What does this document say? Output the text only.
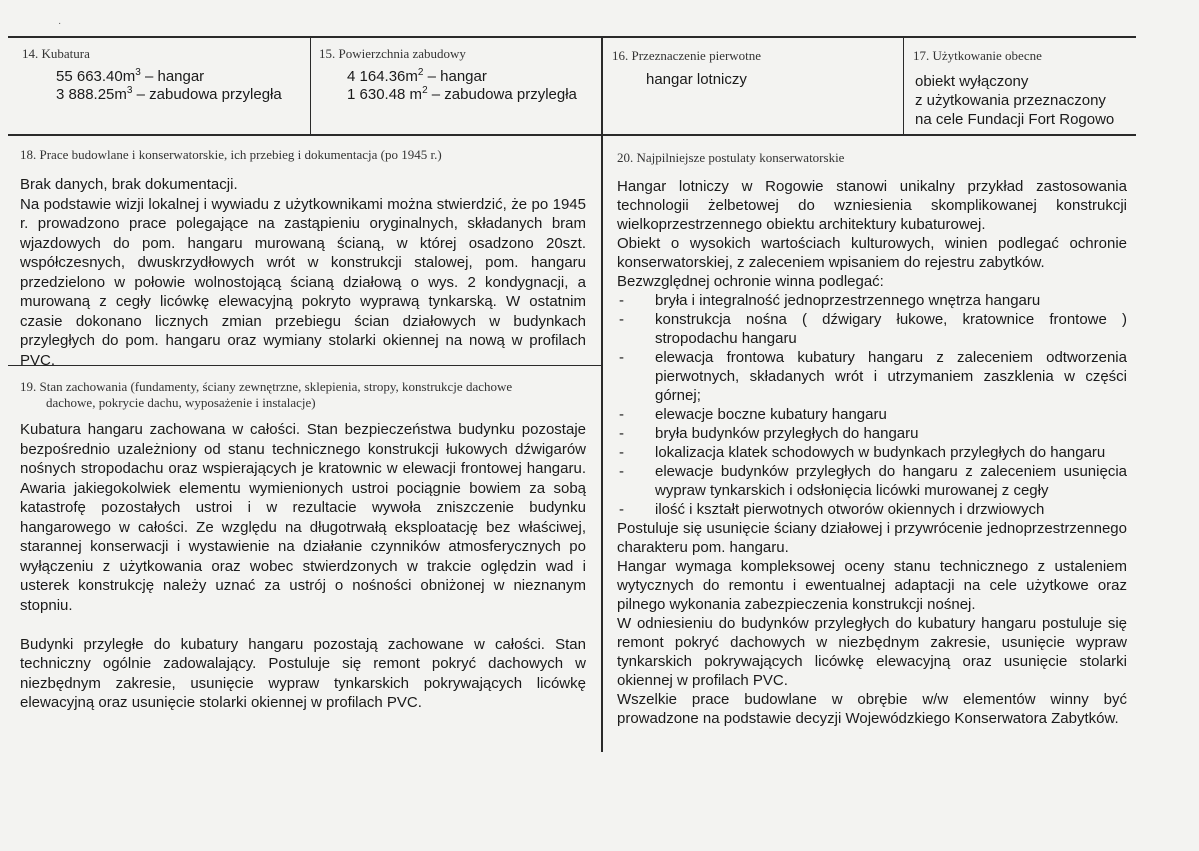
·
14. Kubatura
55 $663.40m^3$ – hangar
3 $888.25m^3$ – zabudowa przyległa
15. Powierzchnia zabudowy
4 $164.36m^2$ – hangar
1 630.48 $m^2$ – zabudowa przyległa
16. Przeznaczenie pierwotne
hangar lotniczy
17. Użytkowanie obecne
obiekt wyłączony
z użytkowania przeznaczony
na cele Fundacji Fort Rogowo
18. Prace budowlane i konserwatorskie, ich przebieg i dokumentacja (po 1945 r.)

Brak danych, brak dokumentacji.

Na podstawie wizji lokalnej i wywiadu z użytkownikami można stwierdzić, że po 1945 r. prowadzono prace polegające na zastąpieniu oryginalnych, składanych bram wjazdowych do pom. hangaru murowaną ścianą, w której osadzono 20szt. współczesnych, dwuskrzydłowych wrót w konstrukcji stalowej, pom. hangaru przedzielono w połowie wolnostojącą ścianą działową o wys. 2 kondygnacji, a murowaną z cegły licówkę elewacyjną pokryto wyprawą tynkarską. W ostatnim czasie dokonano licznych zmian przebiegu ścian działowych w budynkach przyległych do pom. hangaru oraz wymiany stolarki okiennej na nową w profilach PVC.

19. Stan zachowania (fundamenty, ściany zewnętrzne, sklepienia, stropy, konstrukcje dachowe
dachowe, pokrycie dachu, wyposażenie i instalacje)

Kubatura hangaru zachowana w całości. Stan bezpieczeństwa budynku pozostaje bezpośrednio uzależniony od stanu technicznego konstrukcji łukowych dźwigarów nośnych stropodachu oraz wspierających je kratownic w elewacji frontowej hangaru. Awaria jakiegokolwiek elementu wymienionych ustroi pociągnie bowiem za sobą katastrofę pozostałych ustroi i w rezultacie wywoła zniszczenie budynku hangarowego w całości. Ze względu na długotrwałą eksploatację bez właściwej, starannej konserwacji i wystawienie na działanie czynników atmosferycznych po wyłączeniu z użytkowania oraz wobec stwierdzonych w trakcie oględzin wad i usterek konstrukcję należy uznać za ustrój o nośności obniżonej w nieznanym stopniu.

Budynki przyległe do kubatury hangaru pozostają zachowane w całości. Stan techniczny ogólnie zadowalający. Postuluje się remont pokryć dachowych w niezbędnym zakresie, usunięcie wypraw tynkarskich pokrywających licówkę elewacyjną oraz usunięcie stolarki okiennej w profilach PVC.

20. Najpilniejsze postulaty konserwatorskie

Hangar lotniczy w Rogowie stanowi unikalny przykład zastosowania technologii żelbetowej do wzniesienia skomplikowanej konstrukcji wielkoprzestrzennego obiektu architektury kubaturowej.

Obiekt o wysokich wartościach kulturowych, winien podlegać ochronie konserwatorskiej, z zaleceniem wpisaniem do rejestru zabytków.

Bezwzględnej ochronie winna podlegać:

- bryła i integralność jednoprzestrzennego wnętrza hangaru
- konstrukcja nośna ( dźwigary łukowe, kratownice frontowe ) stropodachu hangaru
- elewacja frontowa kubatury hangaru z zaleceniem odtworzenia pierwotnych, składanych wrót i utrzymaniem zaszklenia w części górnej;
- elewacje boczne kubatury hangaru
- bryła budynków przyległych do hangaru
- lokalizacja klatek schodowych w budynkach przyległych do hangaru
- elewacje budynków przyległych do hangaru z zaleceniem usunięcia wypraw tynkarskich i odsłonięcia licówki murowanej z cegły
- ilość i kształt pierwotnych otworów okiennych i drzwiowych

Postuluje się usunięcie ściany działowej i przywrócenie jednoprzestrzennego charakteru pom. hangaru.

Hangar wymaga kompleksowej oceny stanu technicznego z ustaleniem wytycznych do remontu i ewentualnej adaptacji na cele użytkowe oraz pilnego wykonania zabezpieczenia konstrukcji nośnej.

W odniesieniu do budynków przyległych do kubatury hangaru postuluje się remont pokryć dachowych w niezbędnym zakresie, usunięcie wypraw tynkarskich pokrywających licówkę elewacyjną oraz usunięcie stolarki okiennej w profilach PVC.

Wszelkie prace budowlane w obrębie w/w elementów winny być prowadzone na podstawie decyzji Wojewódzkiego Konserwatora Zabytków.
